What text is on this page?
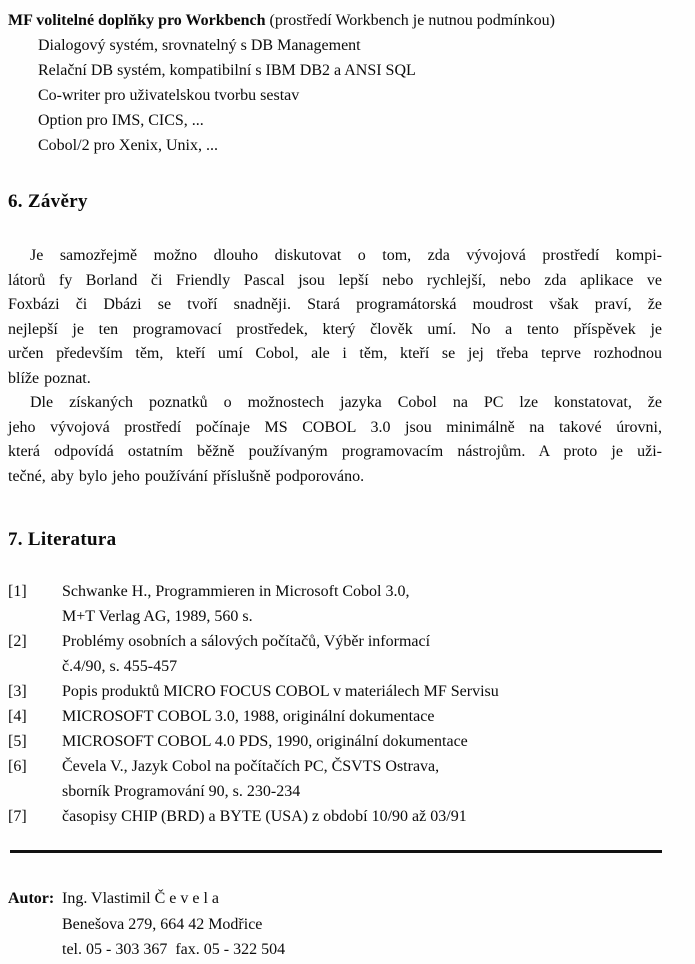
MF volitelné doplňky pro Workbench (prostředí Workbench je nutnou podmínkou)
Dialogový systém, srovnatelný s DB Management
Relační DB systém, kompatibilní s IBM DB2 a ANSI SQL
Co-writer pro uživatelskou tvorbu sestav
Option pro IMS, CICS, ...
Cobol/2 pro Xenix, Unix, ...
6. Závěry
Je samozřejmě možno dlouho diskutovat o tom, zda vývojová prostředí kompi-
látorů fy Borland či Friendly Pascal jsou lepší nebo rychlejší, nebo zda aplikace ve
Foxbázi či Dbázi se tvoří snadněji. Stará programátorská moudrost však praví, že
nejlepší je ten programovací prostředek, který člověk umí. No a tento příspěvek je
určen především těm, kteří umí Cobol, ale i těm, kteří se jej třeba teprve rozhodnou
blíže poznat.
Dle získaných poznatků o možnostech jazyka Cobol na PC lze konstatovat, že
jeho vývojová prostředí počínaje MS COBOL 3.0 jsou minimálně na takové úrovni,
která odpovídá ostatním běžně používaným programovacím nástrojům. A proto je uži-
tečné, aby bylo jeho používání příslušně podporováno.
7. Literatura
[1]	Schwanke H., Programmieren in Microsoft Cobol 3.0,
M+T Verlag AG, 1989, 560 s.
[2]	Problémy osobních a sálových počítačů, Výběr informací
č.4/90, s. 455-457
[3]	Popis produktů MICRO FOCUS COBOL v materiálech MF Servisu
[4]	MICROSOFT COBOL 3.0, 1988, originální dokumentace
[5]	MICROSOFT COBOL 4.0 PDS, 1990, originální dokumentace
[6]	Čevela V., Jazyk Cobol na počítačích PC, ČSVTS Ostrava,
sborník Programování 90, s. 230-234
[7]	časopisy CHIP (BRD) a BYTE (USA) z období 10/90 až 03/91
Autor: Ing. Vlastimil Č e v e l a
Benešova 279, 664 42 Modřice
tel. 05 - 303 367  fax. 05 - 322 504
